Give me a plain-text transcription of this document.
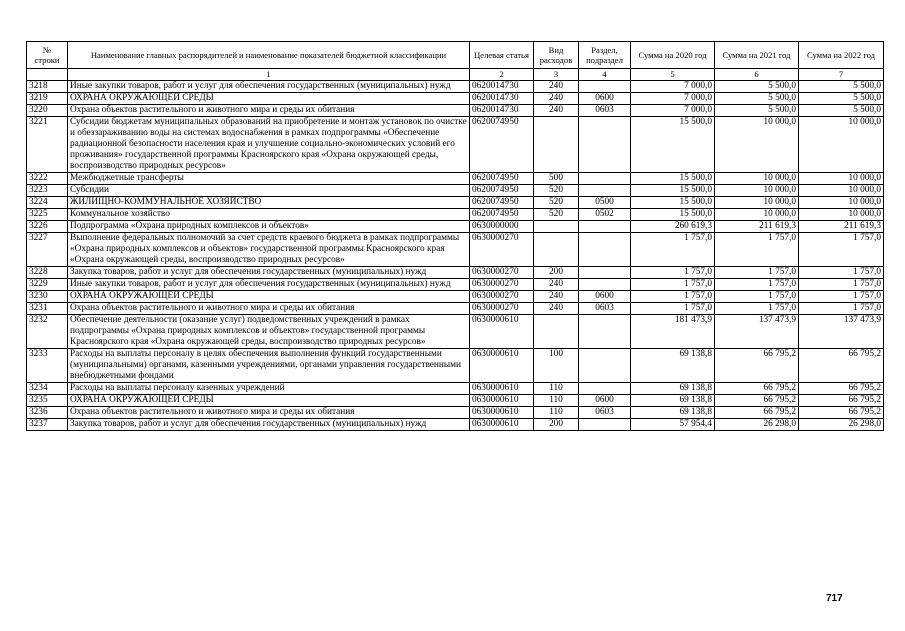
№
строки	Наименование главных распорядителей и наименование показателей бюджетной классификации	Целевая статья	Вид расходов	Раздел, подраздел	Сумма на 2020 год	Сумма на 2021 год	Сумма на 2022 год
	1	2	3	4	5	6	7
3218	Иные закупки товаров, работ и услуг для обеспечения государственных (муниципальных) нужд	0620014730	240		7 000,0	5 500,0	5 500,0
3219	ОХРАНА ОКРУЖАЮЩЕЙ СРЕДЫ	0620014730	240	0600	7 000,0	5 500,0	5 500,0
3220	Охрана объектов растительного и животного мира и среды их обитания	0620014730	240	0603	7 000,0	5 500,0	5 500,0
3221	Субсидии бюджетам муниципальных образований на приобретение и монтаж установок по очистке и обеззараживанию воды на системах водоснабжения в рамках подпрограммы «Обеспечение радиационной безопасности населения края и улучшение социально-экономических условий его проживания» государственной программы Красноярского края «Охрана окружающей среды, воспроизводство природных ресурсов»	0620074950			15 500,0	10 000,0	10 000,0
3222	Межбюджетные трансферты	0620074950	500		15 500,0	10 000,0	10 000,0
3223	Субсидии	0620074950	520		15 500,0	10 000,0	10 000,0
3224	ЖИЛИЩНО-КОММУНАЛЬНОЕ ХОЗЯЙСТВО	0620074950	520	0500	15 500,0	10 000,0	10 000,0
3225	Коммунальное хозяйство	0620074950	520	0502	15 500,0	10 000,0	10 000,0
3226	Подпрограмма «Охрана природных комплексов и объектов»	0630000000			260 619,3	211 619,3	211 619,3
3227	Выполнение федеральных полномочий за счет средств краевого бюджета в рамках подпрограммы «Охрана природных комплексов и объектов» государственной программы Красноярского края «Охрана окружающей среды, воспроизводство природных ресурсов»	0630000270			1 757,0	1 757,0	1 757,0
3228	Закупка товаров, работ и услуг для обеспечения государственных (муниципальных) нужд	0630000270	200		1 757,0	1 757,0	1 757,0
3229	Иные закупки товаров, работ и услуг для обеспечения государственных (муниципальных) нужд	0630000270	240		1 757,0	1 757,0	1 757,0
3230	ОХРАНА ОКРУЖАЮЩЕЙ СРЕДЫ	0630000270	240	0600	1 757,0	1 757,0	1 757,0
3231	Охрана объектов растительного и животного мира и среды их обитания	0630000270	240	0603	1 757,0	1 757,0	1 757,0
3232	Обеспечение деятельности (оказание услуг) подведомственных учреждений в рамках подпрограммы «Охрана природных комплексов и объектов» государственной программы Красноярского края «Охрана окружающей среды, воспроизводство природных ресурсов»	0630000610			181 473,9	137 473,9	137 473,9
3233	Расходы на выплаты персоналу в целях обеспечения выполнения функций государственными (муниципальными) органами, казенными учреждениями, органами управления государственными внебюджетными фондами	0630000610	100		69 138,8	66 795,2	66 795,2
3234	Расходы на выплаты персоналу казенных учреждений	0630000610	110		69 138,8	66 795,2	66 795,2
3235	ОХРАНА ОКРУЖАЮЩЕЙ СРЕДЫ	0630000610	110	0600	69 138,8	66 795,2	66 795,2
3236	Охрана объектов растительного и животного мира и среды их обитания	0630000610	110	0603	69 138,8	66 795,2	66 795,2
3237	Закупка товаров, работ и услуг для обеспечения государственных (муниципальных) нужд	0630000610	200		57 954,4	26 298,0	26 298,0
717
